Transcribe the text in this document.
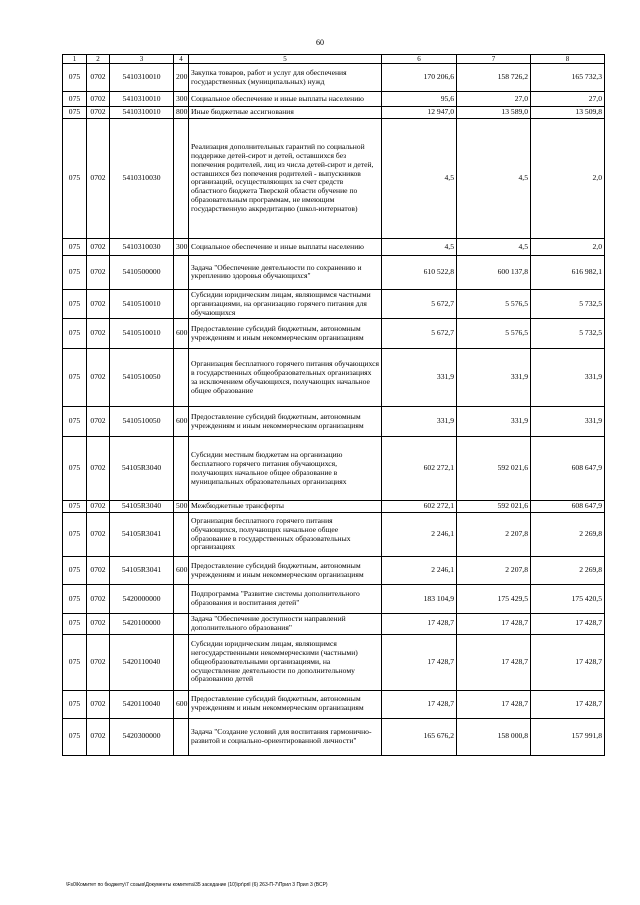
60
1	2	3	4	5	6	7	8
075	0702	5410310010	200	Закупка товаров, работ и услуг для обеспечения государственных (муниципальных) нужд	170 206,6	158 726,2	165 732,3
075	0702	5410310010	300	Социальное обеспечение и иные выплаты населению	95,6	27,0	27,0
075	0702	5410310010	800	Иные бюджетные ассигнования	12 947,0	13 589,0	13 509,8
075	0702	5410310030		Реализация дополнительных гарантий по социальной поддержке детей-сирот и детей, оставшихся без попечения родителей, лиц из числа детей-сирот и детей, оставшихся без попечения родителей - выпускников организаций, осуществляющих за счет средств областного бюджета Тверской области обучение по образовательным программам, не имеющим государственную аккредитацию (школ-интернатов)	4,5	4,5	2,0
075	0702	5410310030	300	Социальное обеспечение и иные выплаты населению	4,5	4,5	2,0
075	0702	5410500000		Задача "Обеспечение деятельности по сохранению и укреплению здоровья обучающихся"	610 522,8	600 137,8	616 982,1
075	0702	5410510010		Субсидии юридическим лицам, являющимся частными организациями, на организацию горячего питания для обучающихся	5 672,7	5 576,5	5 732,5
075	0702	5410510010	600	Предоставление субсидий бюджетным, автономным учреждениям и иным некоммерческим организациям	5 672,7	5 576,5	5 732,5
075	0702	5410510050		Организация бесплатного горячего питания обучающихся в государственных общеобразовательных организациях за исключением обучающихся, получающих начальное общее образование	331,9	331,9	331,9
075	0702	5410510050	600	Предоставление субсидий бюджетным, автономным учреждениям и иным некоммерческим организациям	331,9	331,9	331,9
075	0702	54105R3040		Субсидии местным бюджетам на организацию бесплатного горячего питания обучающихся, получающих начальное общее образование в муниципальных образовательных организациях	602 272,1	592 021,6	608 647,9
075	0702	54105R3040	500	Межбюджетные трансферты	602 272,1	592 021,6	608 647,9
075	0702	54105R3041		Организация бесплатного горячего питания обучающихся, получающих начальное общее образование в государственных образовательных организациях	2 246,1	2 207,8	2 269,8
075	0702	54105R3041	600	Предоставление субсидий бюджетным, автономным учреждениям и иным некоммерческим организациям	2 246,1	2 207,8	2 269,8
075	0702	5420000000		Подпрограмма "Развитие системы дополнительного образования и воспитания детей"	183 104,9	175 429,5	175 420,5
075	0702	5420100000		Задача "Обеспечение доступности направлений дополнительного образования"	17 428,7	17 428,7	17 428,7
075	0702	5420110040		Субсидии юридическим лицам, являющимся негосударственными некоммерческими (частными) общеобразовательными организациями, на осуществление деятельности по дополнительному образованию детей	17 428,7	17 428,7	17 428,7
075	0702	5420110040	600	Предоставление субсидий бюджетным, автономным учреждениям и иным некоммерческим организациям	17 428,7	17 428,7	17 428,7
075	0702	5420300000		Задача "Создание условий для воспитания гармонично-развитой и социально-ориентированной личности"	165 676,2	158 000,8	157 991,8
\Fs0\Комитет по бюджету\7 созыв\Документы комитета\35 заседание (10)\pr\pril (6) 263-П-7\Прил 3 Прил 3 (ВСР)
